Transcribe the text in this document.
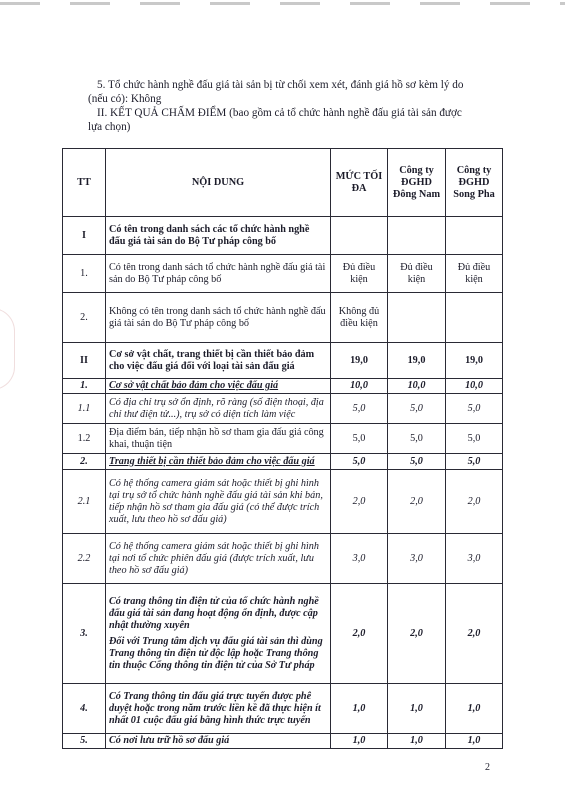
5. Tổ chức hành nghề đấu giá tài sản bị từ chối xem xét, đánh giá hồ sơ kèm lý do

(nếu có): Không

II. KẾT QUẢ CHẤM ĐIỂM (bao gồm cả tổ chức hành nghề đấu giá tài sản được

lựa chọn)

TT	NỘI DUNG	MỨC TỐI ĐA	Công ty ĐGHD Đông Nam	Công ty ĐGHD Song Pha
I	Có tên trong danh sách các tổ chức hành nghề đấu giá tài sản do Bộ Tư pháp công bố			
1.	Có tên trong danh sách tổ chức hành nghề đấu giá tài sản do Bộ Tư pháp công bố	Đủ điều kiện	Đủ điều kiện	Đủ điều kiện
2.	Không có tên trong danh sách tổ chức hành nghề đấu giá tài sản do Bộ Tư pháp công bố	Không đủ điều kiện		
II	Cơ sở vật chất, trang thiết bị cần thiết bảo đảm cho việc đấu giá đối với loại tài sản đấu giá	19,0	19,0	19,0
1.	Cơ sở vật chất bảo đảm cho việc đấu giá	10,0	10,0	10,0
1.1	Có địa chỉ trụ sở ổn định, rõ ràng (số điện thoại, địa chỉ thư điện tử...), trụ sở có diện tích làm việc	5,0	5,0	5,0
1.2	Địa điểm bán, tiếp nhận hồ sơ tham gia đấu giá công khai, thuận tiện	5,0	5,0	5,0
2.	Trang thiết bị cần thiết bảo đảm cho việc đấu giá	5,0	5,0	5,0
2.1	Có hệ thống camera giám sát hoặc thiết bị ghi hình tại trụ sở tổ chức hành nghề đấu giá tài sản khi bán, tiếp nhận hồ sơ tham gia đấu giá (có thể được trích xuất, lưu theo hồ sơ đấu giá)	2,0	2,0	2,0
2.2	Có hệ thống camera giám sát hoặc thiết bị ghi hình tại nơi tổ chức phiên đấu giá (được trích xuất, lưu theo hồ sơ đấu giá)	3,0	3,0	3,0
3.	Có trang thông tin điện tử của tổ chức hành nghề đấu giá tài sản đang hoạt động ổn định, được cập nhật thường xuyên
Đối với Trung tâm dịch vụ đấu giá tài sản thì dùng Trang thông tin điện tử độc lập hoặc Trang thông tin thuộc Cổng thông tin điện tử của Sở Tư pháp	2,0	2,0	2,0
4.	Có Trang thông tin đấu giá trực tuyến được phê duyệt hoặc trong năm trước liền kề đã thực hiện ít nhất 01 cuộc đấu giá bằng hình thức trực tuyến	1,0	1,0	1,0
5.	Có nơi lưu trữ hồ sơ đấu giá	1,0	1,0	1,0
2
